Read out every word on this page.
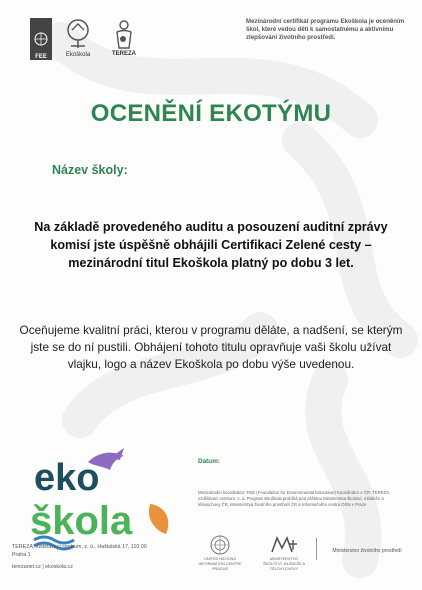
FEE	Ekoškola	TEREZA
Mezinárodní certifikát programu Ekoškola je oceněním škol, které vedou děti k samostatnému a aktivnímu zlepšování životního prostředí.
OCENĚNÍ EKOTÝMU
Název školy:
Na základě provedeného auditu a posouzení auditní zprávy komisí jste úspěšně obhájili Certifikaci Zelené cesty – mezinárodní titul Ekoškola platný po dobu 3 let.
Oceňujeme kvalitní práci, kterou v programu děláte, a nadšení, se kterým jste se do ní pustili. Obhájení tohoto titulu opravňuje vaši školu užívat vlajku, logo a název Ekoškola po dobu výše uvedenou.
eko
škola
Datum:
TEREZA, vzdělávací centrum, z. ú., Haštalská 17, 110 00 Praha 1
terezanet.cz | ekoskola.cz
Mezinárodní koordinátor: FEE (Foundation for Environmental Education) Koordinátor v ČR: TEREZA, vzdělávací centrum, z. ú. Program Ekoškola probíhá pod záštitou Ministerstva školství, mládeže a tělovýchovy ČR, Ministerstva životního prostředí ČR a Informačního centra OSN v Praze
UNITED NATIONS INFORMATION CENTRE PRAGUE
MINISTERSTVO ŠKOLSTVÍ, MLÁDEŽE A TĚLOVÝCHOVY
Ministerstvo životního prostředí
